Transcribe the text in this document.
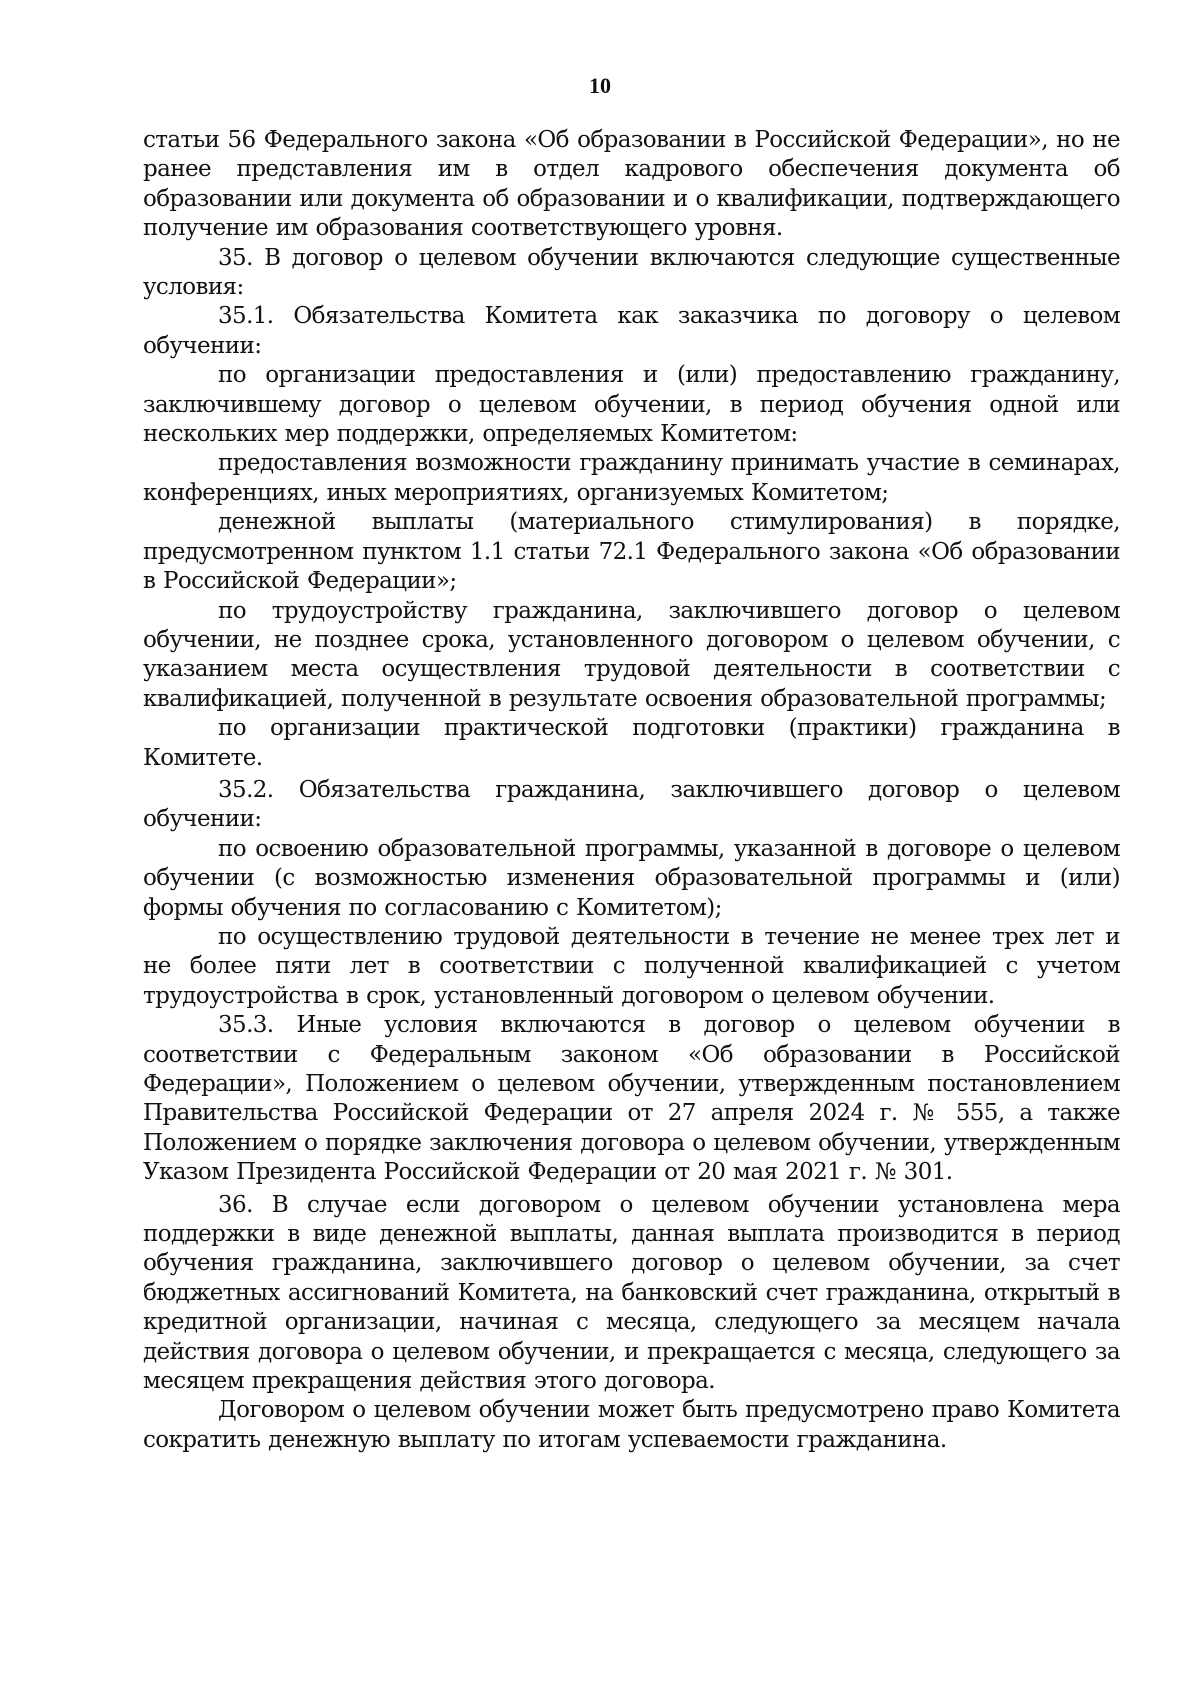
10

статьи 56 Федерального закона «Об образовании в Российской Федерации», но не ранее представления им в отдел кадрового обеспечения документа об образовании или документа об образовании и о квалификации, подтверждающего получение им образования соответствующего уровня.

35. В договор о целевом обучении включаются следующие существенные условия:

35.1. Обязательства Комитета как заказчика по договору о целевом обучении:

по организации предоставления и (или) предоставлению гражданину, заключившему договор о целевом обучении, в период обучения одной или нескольких мер поддержки, определяемых Комитетом:

предоставления возможности гражданину принимать участие в семинарах, конференциях, иных мероприятиях, организуемых Комитетом;

денежной выплаты (материального стимулирования) в порядке, предусмотренном пунктом 1.1 статьи 72.1 Федерального закона «Об образовании в Российской Федерации»;

по трудоустройству гражданина, заключившего договор о целевом обучении, не позднее срока, установленного договором о целевом обучении, с указанием места осуществления трудовой деятельности в соответствии с квалификацией, полученной в результате освоения образовательной программы;

по организации практической подготовки (практики) гражданина в Комитете.

35.2. Обязательства гражданина, заключившего договор о целевом обучении:

по освоению образовательной программы, указанной в договоре о целевом обучении (с возможностью изменения образовательной программы и (или) формы обучения по согласованию с Комитетом);

по осуществлению трудовой деятельности в течение не менее трех лет и не более пяти лет в соответствии с полученной квалификацией с учетом трудоустройства в срок, установленный договором о целевом обучении.

35.3. Иные условия включаются в договор о целевом обучении в соответствии с Федеральным законом «Об образовании в Российской Федерации», Положением о целевом обучении, утвержденным постановлением Правительства Российской Федерации от 27 апреля 2024 г. № 555, а также Положением о порядке заключения договора о целевом обучении, утвержденным Указом Президента Российской Федерации от 20 мая 2021 г. № 301.

36. В случае если договором о целевом обучении установлена мера поддержки в виде денежной выплаты, данная выплата производится в период обучения гражданина, заключившего договор о целевом обучении, за счет бюджетных ассигнований Комитета, на банковский счет гражданина, открытый в кредитной организации, начиная с месяца, следующего за месяцем начала действия договора о целевом обучении, и прекращается с месяца, следующего за месяцем прекращения действия этого договора.

Договором о целевом обучении может быть предусмотрено право Комитета сократить денежную выплату по итогам успеваемости гражданина.
